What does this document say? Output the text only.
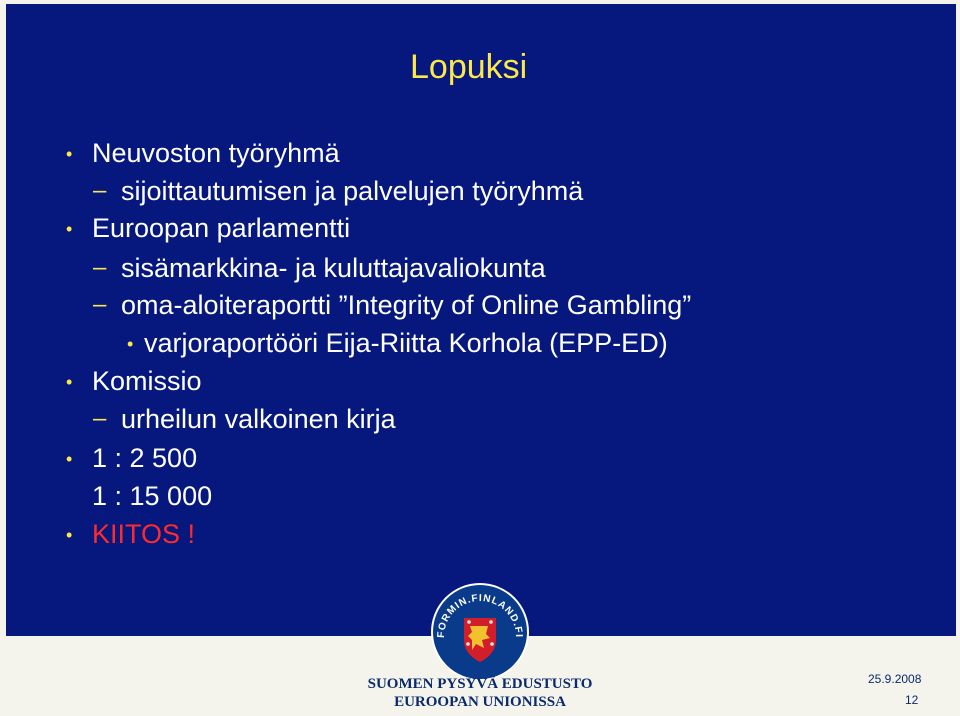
Lopuksi
• Neuvoston työryhmä
– sijoittautumisen ja palvelujen työryhmä
• Euroopan parlamentti
– sisämarkkina- ja kuluttajavaliokunta
– oma-aloiteraportti ”Integrity of Online Gambling”
• varjoraportööri Eija-Riitta Korhola (EPP-ED)
• Komissio
– urheilun valkoinen kirja
• 1 : 2 500
1 : 15 000
• KIITOS !
FORMIN.FINLAND.FI
SUOMEN PYSYVÄ EDUSTUSTO
EUROOPAN UNIONISSA
25.9.2008
12
